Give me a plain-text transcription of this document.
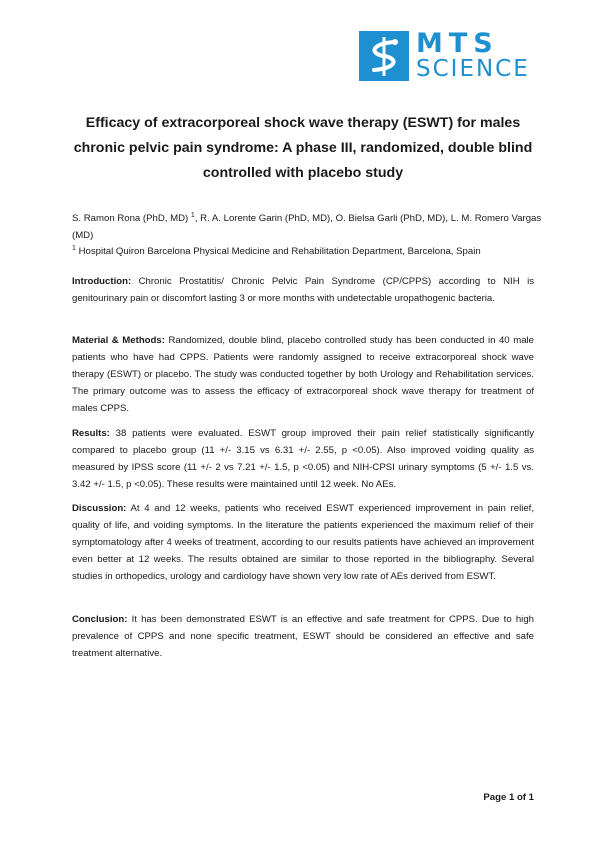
MTS
SCIENCE
Efficacy of extracorporeal shock wave therapy (ESWT) for males chronic pelvic pain syndrome: A phase III, randomized, double blind controlled with placebo study
S. Ramon Rona (PhD, MD) $^1$, R. A. Lorente Garin (PhD, MD), O. Bielsa Garli (PhD, MD), L. M. Romero Vargas (MD)
$^1$ Hospital Quiron Barcelona Physical Medicine and Rehabilitation Department, Barcelona, Spain

Introduction: Chronic Prostatitis/ Chronic Pelvic Pain Syndrome (CP/CPPS) according to NIH is genitourinary pain or discomfort lasting 3 or more months with undetectable uropathogenic bacteria.

Material & Methods: Randomized, double blind, placebo controlled study has been conducted in 40 male patients who have had CPPS. Patients were randomly assigned to receive extracorporeal shock wave therapy (ESWT) or placebo. The study was conducted together by both Urology and Rehabilitation services. The primary outcome was to assess the efficacy of extracorporeal shock wave therapy for treatment of males CPPS.

Results: 38 patients were evaluated. ESWT group improved their pain relief statistically significantly compared to placebo group (11 +/- 3.15 vs 6.31 +/- 2.55, p <0.05). Also improved voiding quality as measured by IPSS score (11 +/- 2 vs 7.21 +/- 1.5, p <0.05) and NIH-CPSI urinary symptoms (5 +/- 1.5 vs. 3.42 +/- 1.5, p <0.05). These results were maintained until 12 week. No AEs.

Discussion: At 4 and 12 weeks, patients who received ESWT experienced improvement in pain relief, quality of life, and voiding symptoms. In the literature the patients experienced the maximum relief of their symptomatology after 4 weeks of treatment, according to our results patients have achieved an improvement even better at 12 weeks. The results obtained are similar to those reported in the bibliography. Several studies in orthopedics, urology and cardiology have shown very low rate of AEs derived from ESWT.

Conclusion: It has been demonstrated ESWT is an effective and safe treatment for CPPS. Due to high prevalence of CPPS and none specific treatment, ESWT should be considered an effective and safe treatment alternative.

Page 1 of 1
